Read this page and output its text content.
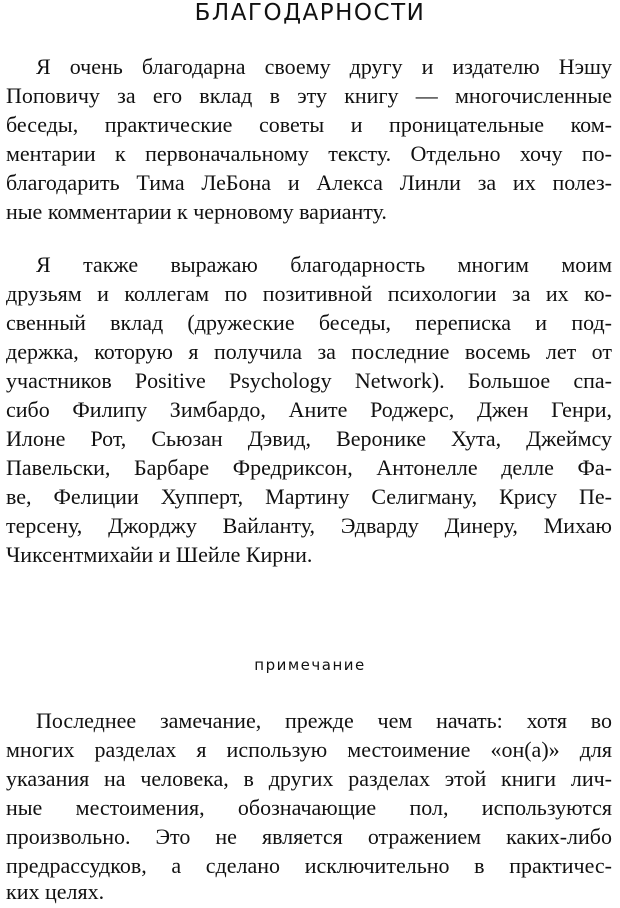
БЛАГОДАРНОСТИ

Я очень благодарна своему другу и издателю Нэшу

Поповичу за его вклад в эту книгу — многочисленные

беседы, практические советы и проницательные ком-

ментарии к первоначальному тексту. Отдельно хочу по-

благодарить Тима ЛеБона и Алекса Линли за их полез-

ные комментарии к черновому варианту.

Я также выражаю благодарность многим моим

друзьям и коллегам по позитивной психологии за их ко-

свенный вклад (дружеские беседы, переписка и под-

держка, которую я получила за последние восемь лет от

участников Positive Psychology Network). Большое спа-

сибо Филипу Зимбардо, Аните Роджерс, Джен Генри,

Илоне Рот, Сьюзан Дэвид, Веронике Хута, Джеймсу

Павельски, Барбаре Фредриксон, Антонелле делле Фа-

ве, Фелиции Хупперт, Мартину Селигману, Крису Пе-

терсену, Джорджу Вайланту, Эдварду Динеру, Михаю

Чиксентмихайи и Шейле Кирни.

примечание

Последнее замечание, прежде чем начать: хотя во

многих разделах я использую местоимение «он(а)» для

указания на человека, в других разделах этой книги лич-

ные местоимения, обозначающие пол, используются

произвольно. Это не является отражением каких-либо

предрассудков, а сделано исключительно в практичес-

ких целях.
